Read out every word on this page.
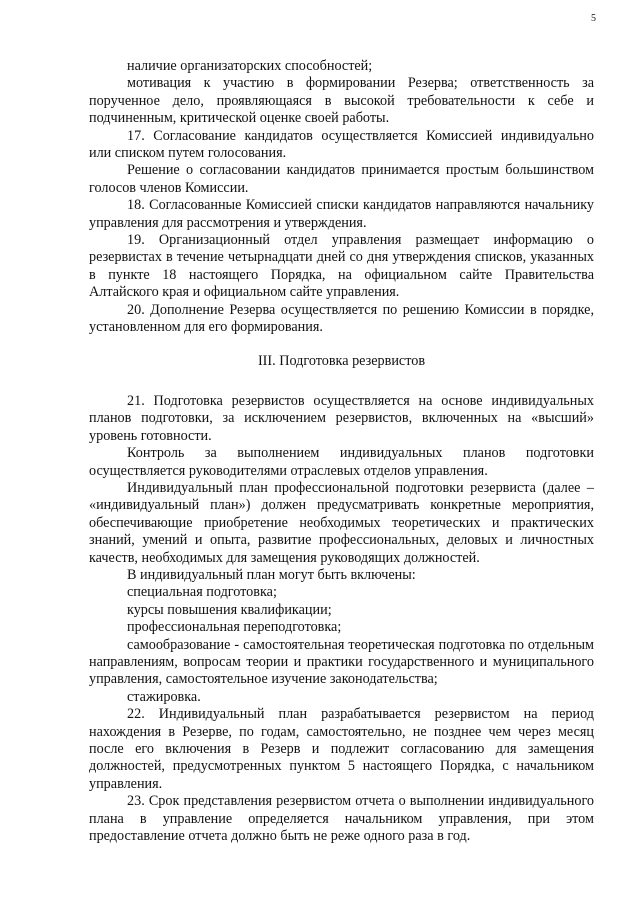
5

наличие организаторских способностей;

мотивация к участию в формировании Резерва; ответственность за порученное дело, проявляющаяся в высокой требовательности к себе и подчиненным, критической оценке своей работы.

17. Согласование кандидатов осуществляется Комиссией индивидуально или списком путем голосования.

Решение о согласовании кандидатов принимается простым большинством голосов членов Комиссии.

18. Согласованные Комиссией списки кандидатов направляются начальнику управления для рассмотрения и утверждения.

19. Организационный отдел управления размещает информацию о резервистах в течение четырнадцати дней со дня утверждения списков, указанных в пункте 18 настоящего Порядка, на официальном сайте Правительства Алтайского края и официальном сайте управления.

20. Дополнение Резерва осуществляется по решению Комиссии в порядке, установленном для его формирования.

III. Подготовка резервистов

21. Подготовка резервистов осуществляется на основе индивидуальных планов подготовки, за исключением резервистов, включенных на «высший» уровень готовности.

Контроль за выполнением индивидуальных планов подготовки осуществляется руководителями отраслевых отделов управления.

Индивидуальный план профессиональной подготовки резервиста (далее – «индивидуальный план») должен предусматривать конкретные мероприятия, обеспечивающие приобретение необходимых теоретических и практических знаний, умений и опыта, развитие профессиональных, деловых и личностных качеств, необходимых для замещения руководящих должностей.

В индивидуальный план могут быть включены:

специальная подготовка;

курсы повышения квалификации;

профессиональная переподготовка;

самообразование - самостоятельная теоретическая подготовка по отдельным направлениям, вопросам теории и практики государственного и муниципального управления, самостоятельное изучение законодательства;

стажировка.

22. Индивидуальный план разрабатывается резервистом на период нахождения в Резерве, по годам, самостоятельно, не позднее чем через месяц после его включения в Резерв и подлежит согласованию для замещения должностей, предусмотренных пунктом 5 настоящего Порядка, с начальником управления.

23. Срок представления резервистом отчета о выполнении индивидуального плана в управление определяется начальником управления, при этом предоставление отчета должно быть не реже одного раза в год.
